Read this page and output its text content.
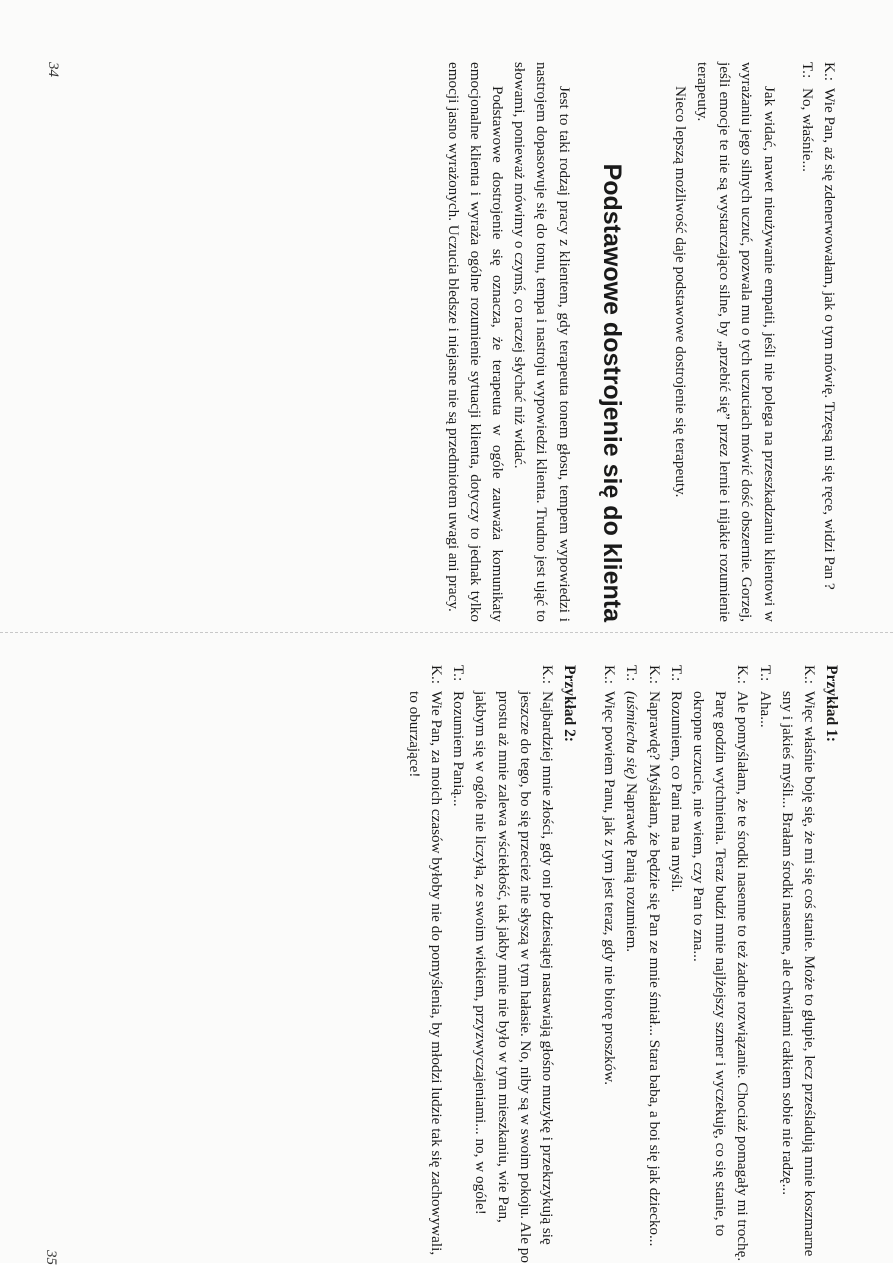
K.:
Wie Pan, aż się zdenerwowałam, jak o tym mówię. Trzęsą mi się ręce, widzi Pan ?
T.:
No, właśnie...

Jak widać, nawet nieużywanie empatii, jeśli nie polega na przeszkadzaniu klientowi w wyrażaniu jego silnych uczuć, pozwala mu o tych uczuciach mówić dość obszernie. Gorzej, jeśli emocje te nie są wystarczająco silne, by „przebić się” przez lernie i nijakie rozumienie terapeuty.

Nieco lepszą możliwość daje podstawowe dostrojenie się terapeuty.

Podstawowe dostrojenie się do klienta

Jest to taki rodzaj pracy z klientem, gdy terapeuta tonem głosu, tempem wypowiedzi i nastrojem dopasowuje się do tonu, tempa i nastroju wypowiedzi klienta. Trudno jest ująć to słowami, ponieważ mówimy o czymś, co raczej słychać niż widać.

Podstawowe dostrojenie się oznacza, że terapeuta w ogóle zauważa komunikaty emocjonalne klienta i wyraża ogólne rozumienie sytuacji klienta, dotyczy to jednak tylko emocji jasno wyrażonych. Uczucia bledsze i niejasne nie są przedmiotem uwagi ani pracy.

34

Przykład 1:

K.:
Więc właśnie boję się, że mi się coś stanie. Może to głupie, lecz prześladują mnie koszmarne sny i jakieś myśli... Brałam środki nasenne, ale chwilami całkiem sobie nie radzę...
T.:
Aha...
K.:
Ale pomyślałam, że te środki nasenne to też żadne rozwiązanie. Chociaż pomagały mi trochę. Parę godzin wytchnienia. Teraz budzi mnie najlżejszy szmer i wyczekuję, co się stanie, to okropne uczucie, nie wiem, czy Pan to zna...
T.:
Rozumiem, co Pani ma na myśli.
K.:
Naprawdę? Myślałam, że będzie się Pan ze mnie śmiał... Stara baba, a boi się jak dziecko...
T.:
(uśmiecha się) Naprawdę Panią rozumiem.
K.:
Więc powiem Panu, jak z tym jest teraz, gdy nie biorę proszków.

Przykład 2:

K.:
Najbardziej mnie złości, gdy oni po dziesiątej nastawiają głośno muzykę i przekrzykują się jeszcze do tego, bo się przecież nie słyszą w tym hałasie. No, niby są w swoim pokoju. Ale po prostu aż mnie zalewa wściekłość, tak jakby mnie nie było w tym mieszkaniu, wie Pan, jakbym się w ogóle nie liczyła, ze swoim wiekiem, przyzwyczajeniami... no, w ogóle!
T.:
Rozumiem Panią...
K.:
Wie Pan, za moich czasów byłoby nie do pomyślenia, by młodzi ludzie tak się zachowywali, to oburzające!
35
